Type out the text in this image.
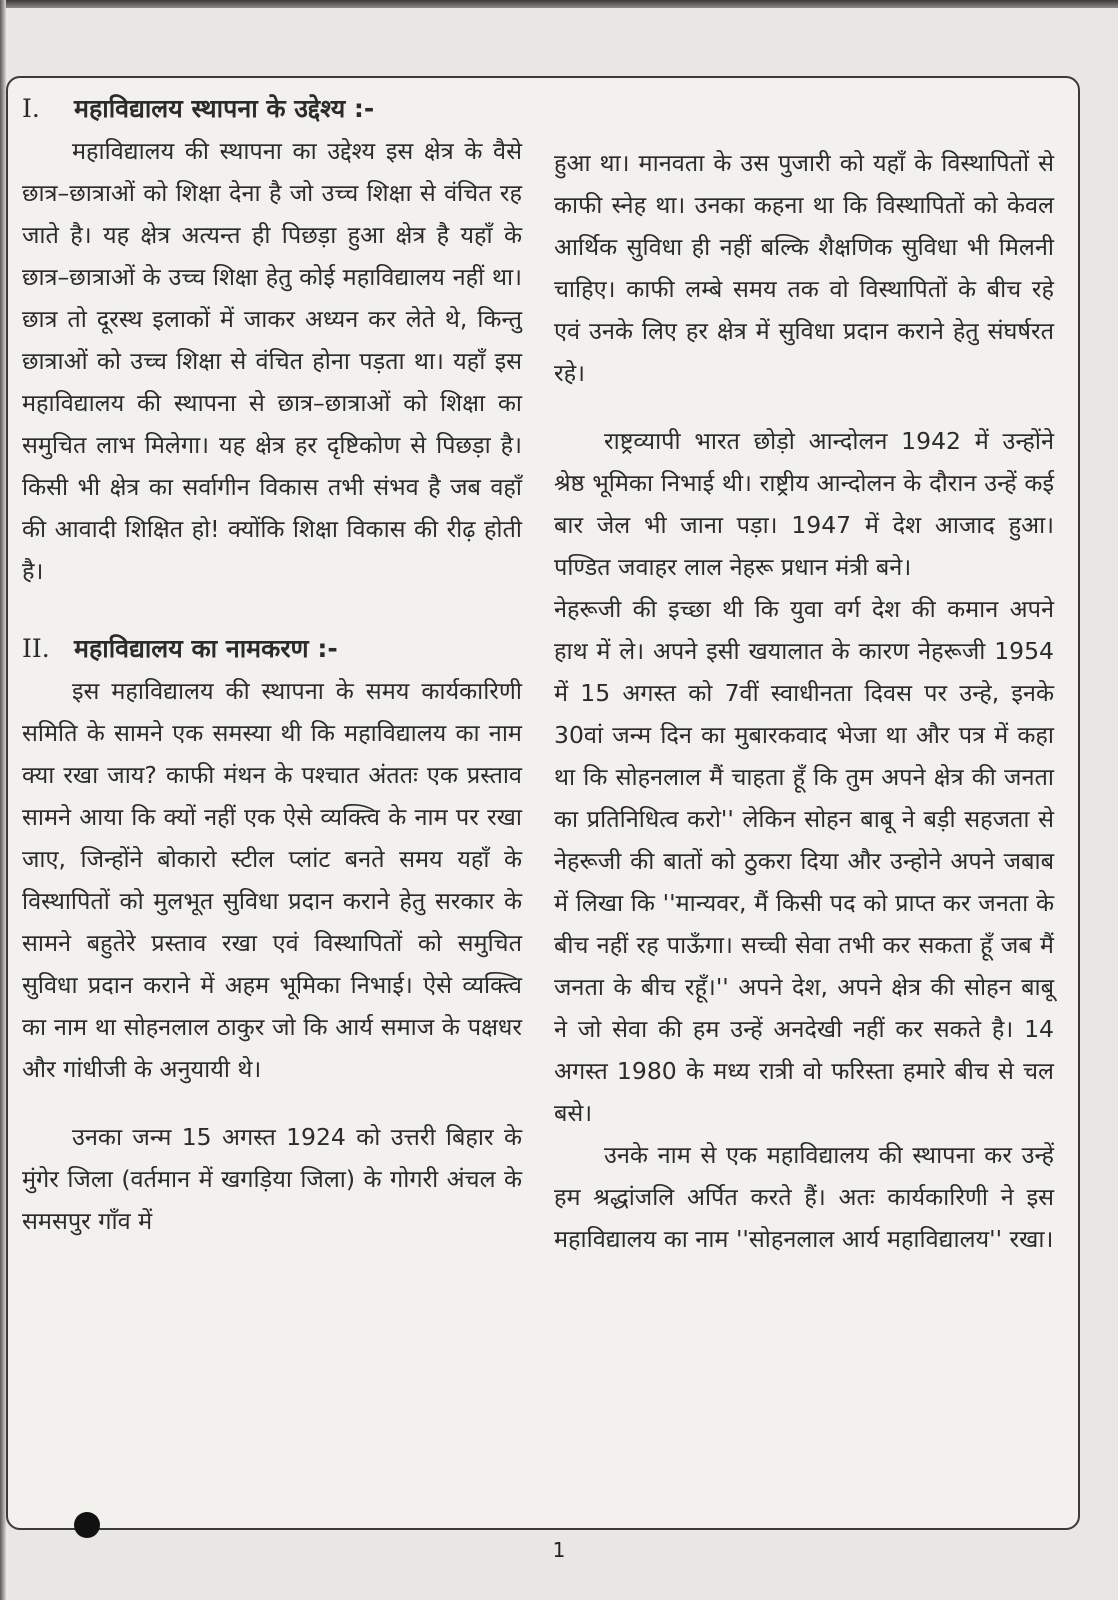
I.	महाविद्यालय स्थापना के उद्देश्य :-

महाविद्यालय की स्थापना का उद्देश्य इस क्षेत्र के वैसे छात्र–छात्राओं को शिक्षा देना है जो उच्च शिक्षा से वंचित रह जाते है। यह क्षेत्र अत्यन्त ही पिछड़ा हुआ क्षेत्र है यहाँ के छात्र–छात्राओं के उच्च शिक्षा हेतु कोई महाविद्यालय नहीं था। छात्र तो दूरस्थ इलाकों में जाकर अध्यन कर लेते थे, किन्तु छात्राओं को उच्च शिक्षा से वंचित होना पड़ता था। यहाँ इस महाविद्यालय की स्थापना से छात्र–छात्राओं को शिक्षा का समुचित लाभ मिलेगा। यह क्षेत्र हर दृष्टिकोण से पिछड़ा है। किसी भी क्षेत्र का सर्वागीन विकास तभी संभव है जब वहाँ की आवादी शिक्षित हो! क्योंकि शिक्षा विकास की रीढ़ होती है।

II. महाविद्यालय का नामकरण :-

इस महाविद्यालय की स्थापना के समय कार्यकारिणी समिति के सामने एक समस्या थी कि महाविद्यालय का नाम क्या रखा जाय? काफी मंथन के पश्चात अंततः एक प्रस्ताव सामने आया कि क्यों नहीं एक ऐसे व्यक्त्वि के नाम पर रखा जाए, जिन्होंने बोकारो स्टील प्लांट बनते समय यहाँ के विस्थापितों को मुलभूत सुविधा प्रदान कराने हेतु सरकार के सामने बहुतेरे प्रस्ताव रखा एवं विस्थापितों को समुचित सुविधा प्रदान कराने में अहम भूमिका निभाई। ऐसे व्यक्त्वि का नाम था सोहनलाल ठाकुर जो कि आर्य समाज के पक्षधर और गांधीजी के अनुयायी थे।

उनका जन्म 15 अगस्त 1924 को उत्तरी बिहार के मुंगेर जिला (वर्तमान में खगड़िया जिला) के गोगरी अंचल के समसपुर गाँव में

हुआ था। मानवता के उस पुजारी को यहाँ के विस्थापितों से काफी स्नेह था। उनका कहना था कि विस्थापितों को केवल आर्थिक सुविधा ही नहीं बल्कि शैक्षणिक सुविधा भी मिलनी चाहिए। काफी लम्बे समय तक वो विस्थापितों के बीच रहे एवं उनके लिए हर क्षेत्र में सुविधा प्रदान कराने हेतु संघर्षरत रहे।

राष्ट्रव्यापी भारत छोड़ो आन्दोलन 1942 में उन्होंने श्रेष्ठ भूमिका निभाई थी। राष्ट्रीय आन्दोलन के दौरान उन्हें कई बार जेल भी जाना पड़ा। 1947 में देश आजाद हुआ। पण्डित जवाहर लाल नेहरू प्रधान मंत्री बने।

नेहरूजी की इच्छा थी कि युवा वर्ग देश की कमान अपने हाथ में ले। अपने इसी खयालात के कारण नेहरूजी 1954 में 15 अगस्त को 7वीं स्वाधीनता दिवस पर उन्हे, इनके 30वां जन्म दिन का मुबारकवाद भेजा था और पत्र में कहा था कि सोहनलाल मैं चाहता हूँ कि तुम अपने क्षेत्र की जनता का प्रतिनिधित्व करो'' लेकिन सोहन बाबू ने बड़ी सहजता से नेहरूजी की बातों को ठुकरा दिया और उन्होने अपने जबाब में लिखा कि ''मान्यवर, मैं किसी पद को प्राप्त कर जनता के बीच नहीं रह पाऊँगा। सच्ची सेवा तभी कर सकता हूँ जब मैं जनता के बीच रहूँ।'' अपने देश, अपने क्षेत्र की सोहन बाबू ने जो सेवा की हम उन्हें अनदेखी नहीं कर सकते है। 14 अगस्त 1980 के मध्य रात्री वो फरिस्ता हमारे बीच से चल बसे।

उनके नाम से एक महाविद्यालय की स्थापना कर उन्हें हम श्रद्धांजलि अर्पित करते हैं। अतः कार्यकारिणी ने इस महाविद्यालय का नाम ''सोहनलाल आर्य महाविद्यालय'' रखा।

1
